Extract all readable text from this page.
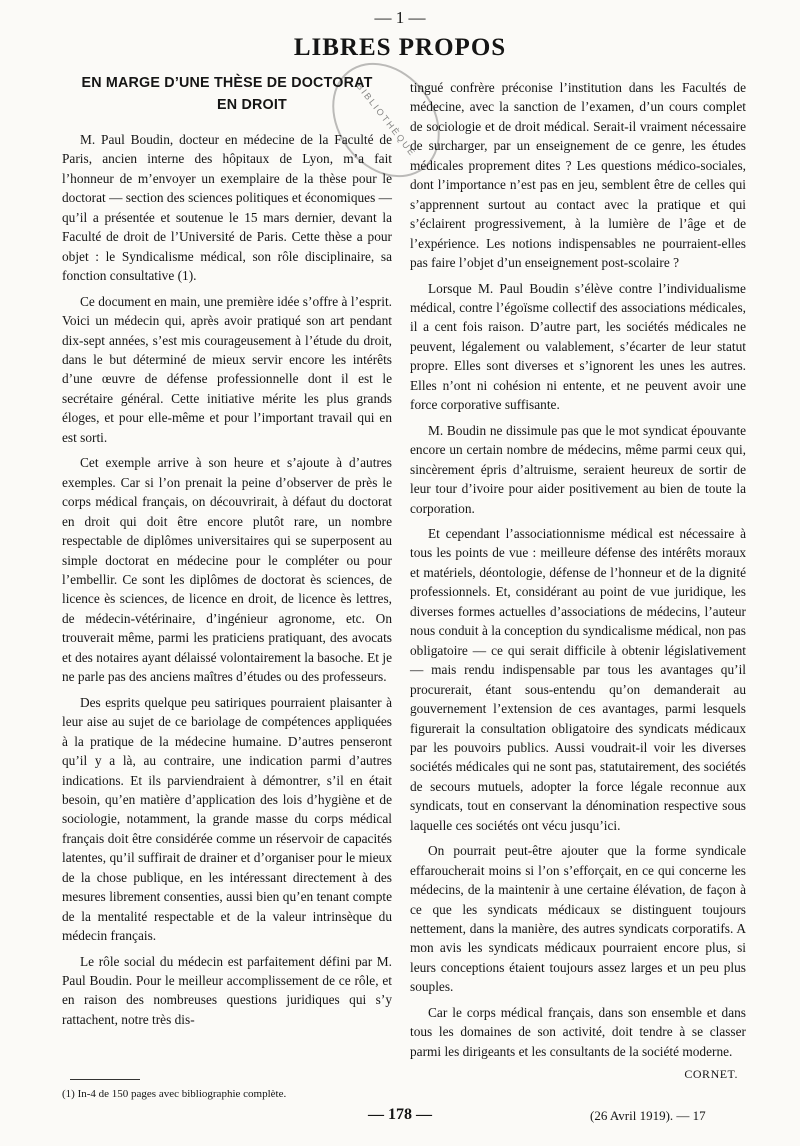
— 1 —
LIBRES PROPOS
BIBLIOTHÈQUE
EN MARGE D’UNE THÈSE DE DOCTORAT
EN DROIT

M. Paul Boudin, docteur en médecine de la Faculté de Paris, ancien interne des hôpitaux de Lyon, m’a fait l’honneur de m’envoyer un exemplaire de la thèse pour le doctorat — section des sciences politiques et économiques — qu’il a présentée et soutenue le 15 mars dernier, devant la Faculté de droit de l’Université de Paris. Cette thèse a pour objet : le Syndicalisme médical, son rôle disciplinaire, sa fonction consultative (1).

Ce document en main, une première idée s’offre à l’esprit. Voici un médecin qui, après avoir pratiqué son art pendant dix-sept années, s’est mis courageusement à l’étude du droit, dans le but déterminé de mieux servir encore les intérêts d’une œuvre de défense professionnelle dont il est le secrétaire général. Cette initiative mérite les plus grands éloges, et pour elle-même et pour l’important travail qui en est sorti.

Cet exemple arrive à son heure et s’ajoute à d’autres exemples. Car si l’on prenait la peine d’observer de près le corps médical français, on découvrirait, à défaut du doctorat en droit qui doit être encore plutôt rare, un nombre respectable de diplômes universitaires qui se superposent au simple doctorat en médecine pour le compléter ou pour l’embellir. Ce sont les diplômes de doctorat ès sciences, de licence ès sciences, de licence en droit, de licence ès lettres, de médecin-vétérinaire, d’ingénieur agronome, etc. On trouverait même, parmi les praticiens pratiquant, des avocats et des notaires ayant délaissé volontairement la basoche. Et je ne parle pas des anciens maîtres d’études ou des professeurs.

Des esprits quelque peu satiriques pourraient plaisanter à leur aise au sujet de ce bariolage de compétences appliquées à la pratique de la médecine humaine. D’autres penseront qu’il y a là, au contraire, une indication parmi d’autres indications. Et ils parviendraient à démontrer, s’il en était besoin, qu’en matière d’application des lois d’hygiène et de sociologie, notamment, la grande masse du corps médical français doit être considérée comme un réservoir de capacités latentes, qu’il suffirait de drainer et d’organiser pour le mieux de la chose publique, en les intéressant directement à des mesures librement consenties, aussi bien qu’en tenant compte de la mentalité respectable et de la valeur intrinsèque du médecin français.

Le rôle social du médecin est parfaitement défini par M. Paul Boudin. Pour le meilleur accomplissement de ce rôle, et en raison des nombreuses questions juridiques qui s’y rattachent, notre très dis-

tingué confrère préconise l’institution dans les Facultés de médecine, avec la sanction de l’examen, d’un cours complet de sociologie et de droit médical. Serait-il vraiment nécessaire de surcharger, par un enseignement de ce genre, les études médicales proprement dites ? Les questions médico-sociales, dont l’importance n’est pas en jeu, semblent être de celles qui s’apprennent surtout au contact avec la pratique et qui s’éclairent progressivement, à la lumière de l’âge et de l’expérience. Les notions indispensables ne pourraient-elles pas faire l’objet d’un enseignement post-scolaire ?

Lorsque M. Paul Boudin s’élève contre l’individualisme médical, contre l’égoïsme collectif des associations médicales, il a cent fois raison. D’autre part, les sociétés médicales ne peuvent, légalement ou valablement, s’écarter de leur statut propre. Elles sont diverses et s’ignorent les unes les autres. Elles n’ont ni cohésion ni entente, et ne peuvent avoir une force corporative suffisante.

M. Boudin ne dissimule pas que le mot syndicat épouvante encore un certain nombre de médecins, même parmi ceux qui, sincèrement épris d’altruisme, seraient heureux de sortir de leur tour d’ivoire pour aider positivement au bien de toute la corporation.

Et cependant l’associationnisme médical est nécessaire à tous les points de vue : meilleure défense des intérêts moraux et matériels, déontologie, défense de l’honneur et de la dignité professionnels. Et, considérant au point de vue juridique, les diverses formes actuelles d’associations de médecins, l’auteur nous conduit à la conception du syndicalisme médical, non pas obligatoire — ce qui serait difficile à obtenir législativement — mais rendu indispensable par tous les avantages qu’il procurerait, étant sous-entendu qu’on demanderait au gouvernement l’extension de ces avantages, parmi lesquels figurerait la consultation obligatoire des syndicats médicaux par les pouvoirs publics. Aussi voudrait-il voir les diverses sociétés médicales qui ne sont pas, statutairement, des sociétés de secours mutuels, adopter la force légale reconnue aux syndicats, tout en conservant la dénomination respective sous laquelle ces sociétés ont vécu jusqu’ici.

On pourrait peut-être ajouter que la forme syndicale effaroucherait moins si l’on s’efforçait, en ce qui concerne les médecins, de la maintenir à une certaine élévation, de façon à ce que les syndicats médicaux se distinguent toujours nettement, dans la manière, des autres syndicats corporatifs. A mon avis les syndicats médicaux pourraient encore plus, si leurs conceptions étaient toujours assez larges et un peu plus souples.

Car le corps médical français, dans son ensemble et dans tous les domaines de son activité, doit tendre à se classer parmi les dirigeants et les consultants de la société moderne.

CORNET.
(1) In-4 de 150 pages avec bibliographie complète.
— 178 —	(26 Avril 1919). — 17
